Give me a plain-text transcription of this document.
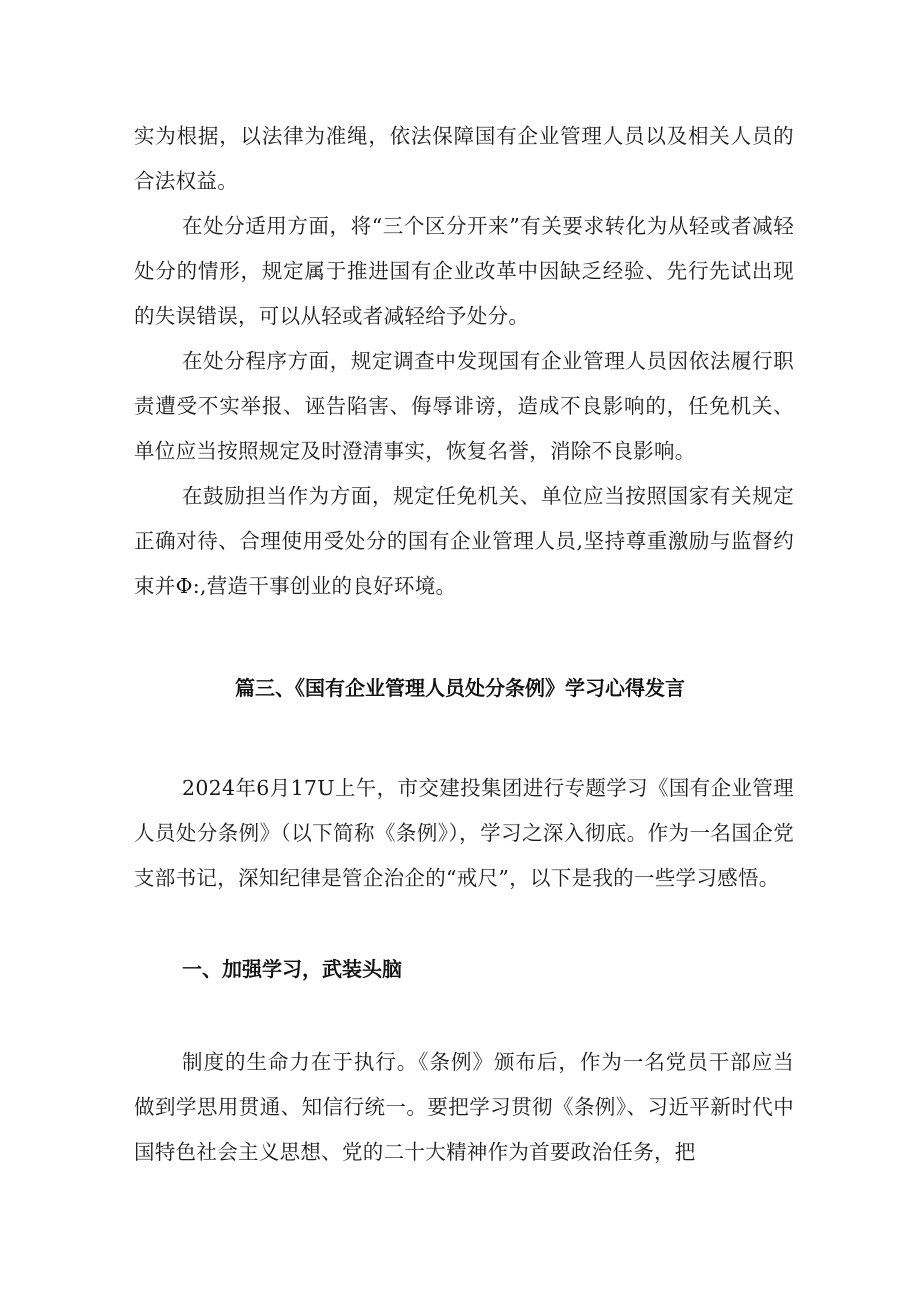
实为根据，以法律为准绳，依法保障国有企业管理人员以及相关人员的合法权益。

在处分适用方面，将“三个区分开来”有关要求转化为从轻或者减轻处分的情形，规定属于推进国有企业改革中因缺乏经验、先行先试出现的失误错误，可以从轻或者减轻给予处分。

在处分程序方面，规定调查中发现国有企业管理人员因依法履行职责遭受不实举报、诬告陷害、侮辱诽谤，造成不良影响的，任免机关、单位应当按照规定及时澄清事实，恢复名誉，消除不良影响。

在鼓励担当作为方面，规定任免机关、单位应当按照国家有关规定正确对待、合理使用受处分的国有企业管理人员,坚持尊重激励与监督约束并Φ:,营造干事创业的良好环境。

篇三、《国有企业管理人员处分条例》学习心得发言

2024年6月17U上午，市交建投集团进行专题学习《国有企业管理人员处分条例》（以下简称《条例》），学习之深入彻底。作为一名国企党支部书记，深知纪律是管企治企的“戒尺”，以下是我的一些学习感悟。

一、加强学习，武装头脑

制度的生命力在于执行。《条例》颁布后，作为一名党员干部应当做到学思用贯通、知信行统一。要把学习贯彻《条例》、习近平新时代中国特色社会主义思想、党的二十大精神作为首要政治任务，把
